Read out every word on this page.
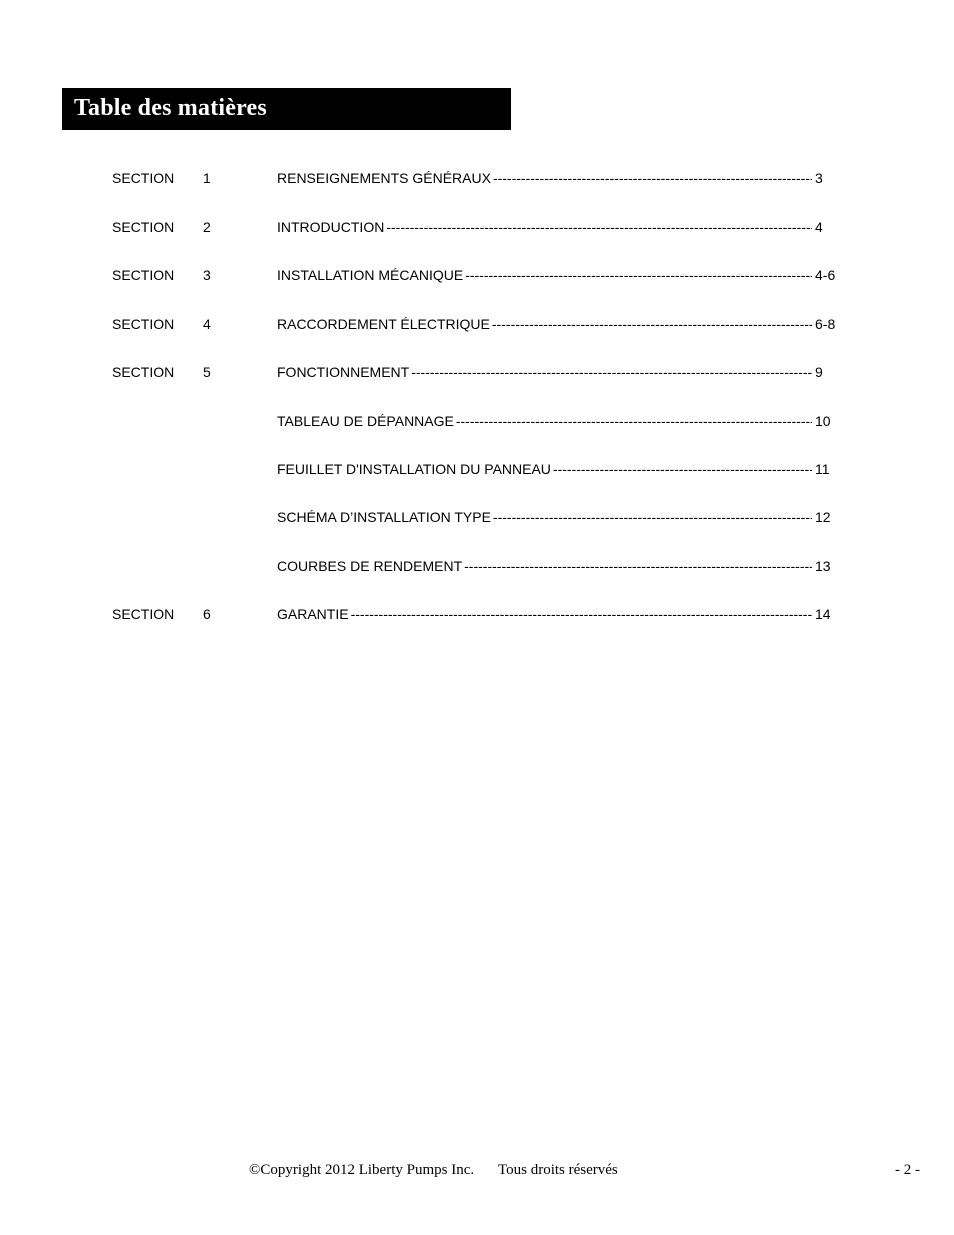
Table des matières
SECTION 1	RENSEIGNEMENTS GÉNÉRAUX -----	3
SECTION 2	INTRODUCTION -----	4
SECTION 3	INSTALLATION MÉCANIQUE -----	4-6
SECTION 4	RACCORDEMENT ÉLECTRIQUE -----	6-8
SECTION 5	FONCTIONNEMENT -----	9
TABLEAU DE DÉPANNAGE -----	10
FEUILLET D'INSTALLATION DU PANNEAU -----	11
SCHÉMA D’INSTALLATION TYPE -----	12
COURBES DE RENDEMENT -----	13
SECTION 6	GARANTIE -----	14
©Copyright 2012 Liberty Pumps Inc. Tous droits réservés	- 2 -
